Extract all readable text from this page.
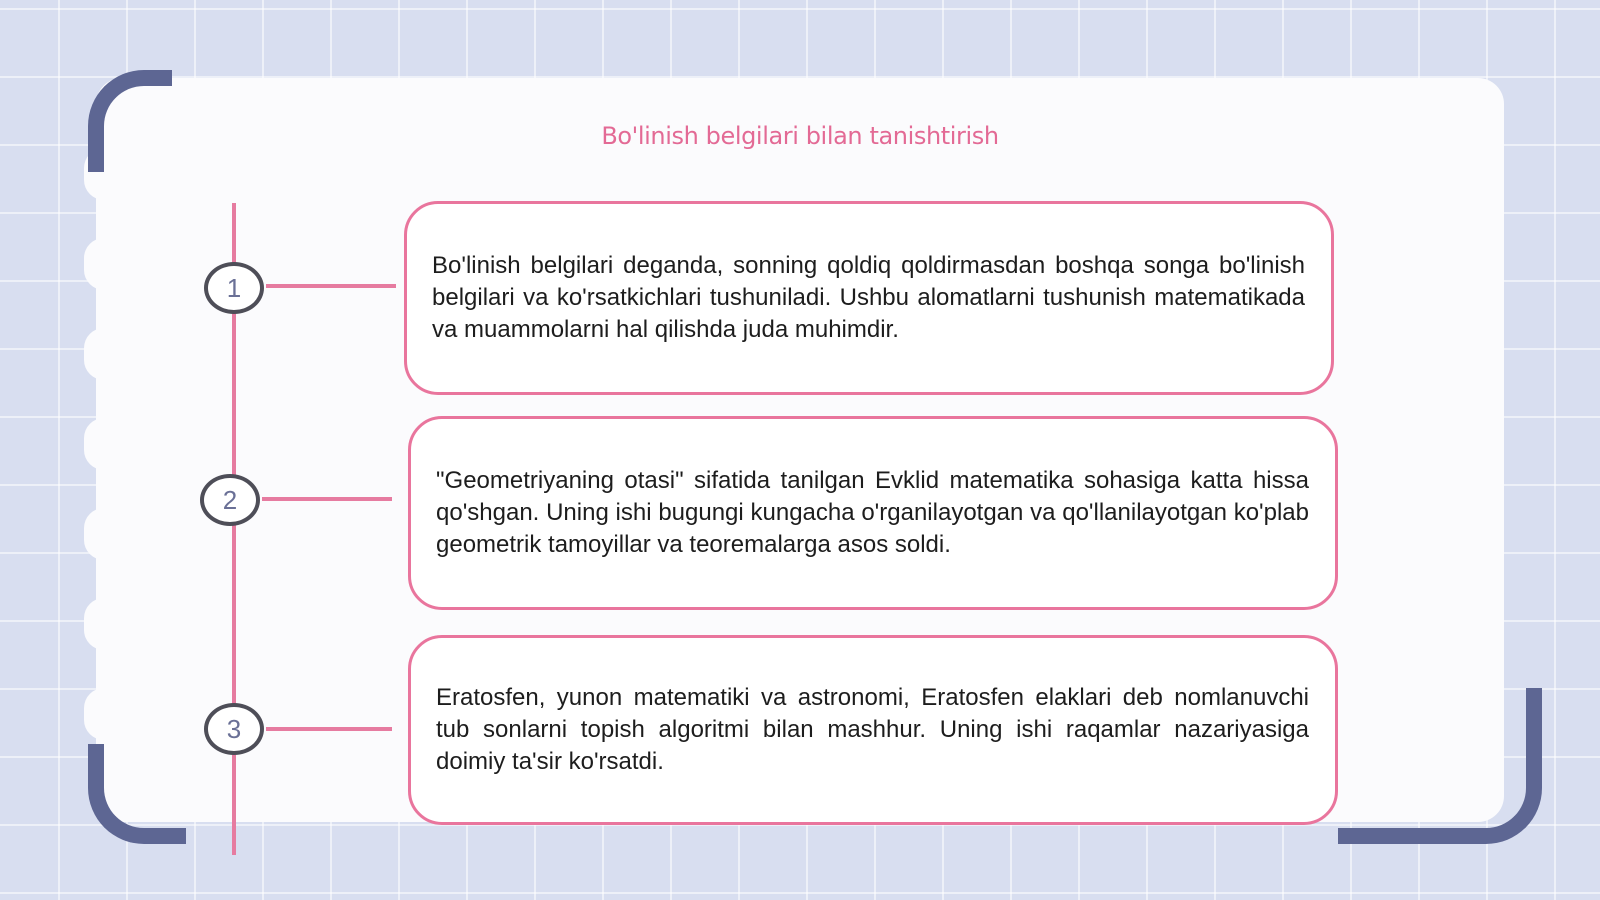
Bo'linish belgilari bilan tanishtirish
1
2
3

Bo'linish belgilari deganda, sonning qoldiq qoldirmasdan boshqa songa bo'linish belgilari va ko'rsatkichlari tushuniladi. Ushbu alomatlarni tushunish matematikada va muammolarni hal qilishda juda muhimdir.

"Geometriyaning otasi" sifatida tanilgan Evklid matematika sohasiga katta hissa qo'shgan. Uning ishi bugungi kungacha o'rganilayotgan va qo'llanilayotgan ko'plab geometrik tamoyillar va teoremalarga asos soldi.

Eratosfen, yunon matematiki va astronomi, Eratosfen elaklari deb nomlanuvchi tub sonlarni topish algoritmi bilan mashhur. Uning ishi raqamlar nazariyasiga doimiy ta'sir ko'rsatdi.
